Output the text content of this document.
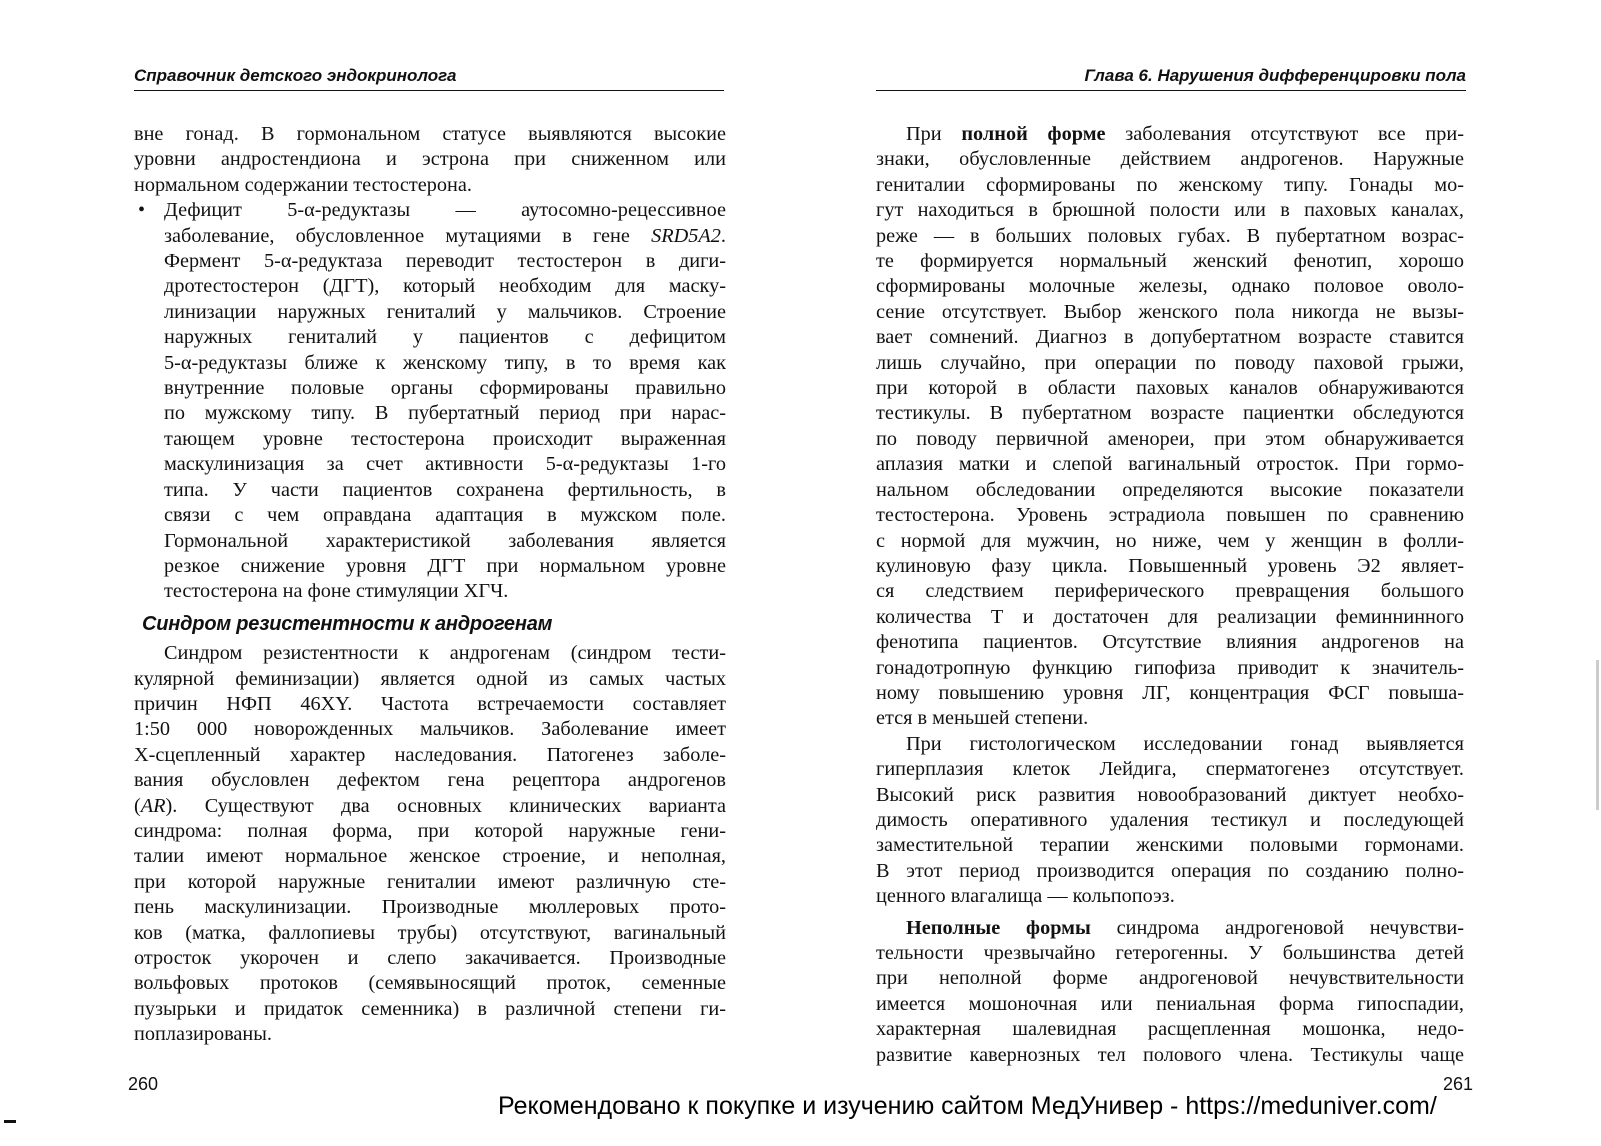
Справочник детского эндокринолога
вне гонад. В гормональном статусе выявляются высокие
уровни андростендиона и эстрона при сниженном или
нормальном содержании тестостерона.
• Дефицит 5-α-редуктазы — аутосомно-рецессивное
заболевание, обусловленное мутациями в гене SRD5A2.
Фермент 5-α-редуктаза переводит тестостерон в диги-
дротестостерон (ДГТ), который необходим для маску-
линизации наружных гениталий у мальчиков. Строение
наружных гениталий у пациентов с дефицитом
5-α-редуктазы ближе к женскому типу, в то время как
внутренние половые органы сформированы правильно
по мужскому типу. В пубертатный период при нарас-
тающем уровне тестостерона происходит выраженная
маскулинизация за счет активности 5-α-редуктазы 1-го
типа. У части пациентов сохранена фертильность, в
связи с чем оправдана адаптация в мужском поле.
Гормональной характеристикой заболевания является
резкое снижение уровня ДГТ при нормальном уровне
тестостерона на фоне стимуляции ХГЧ.
Синдром резистентности к андрогенам
Синдром резистентности к андрогенам (синдром тести-
кулярной феминизации) является одной из самых частых
причин НФП 46XY. Частота встречаемости составляет
1:50 000 новорожденных мальчиков. Заболевание имеет
Х-сцепленный характер наследования. Патогенез заболе-
вания обусловлен дефектом гена рецептора андрогенов
(AR). Существуют два основных клинических варианта
синдрома: полная форма, при которой наружные гени-
талии имеют нормальное женское строение, и неполная,
при которой наружные гениталии имеют различную сте-
пень маскулинизации. Производные мюллеровых прото-
ков (матка, фаллопиевы трубы) отсутствуют, вагинальный
отросток укорочен и слепо закачивается. Производные
вольфовых протоков (семявыносящий проток, семенные
пузырьки и придаток семенника) в различной степени ги-
поплазированы.
260
Глава 6. Нарушения дифференцировки пола
При полной форме заболевания отсутствуют все при-
знаки, обусловленные действием андрогенов. Наружные
гениталии сформированы по женскому типу. Гонады мо-
гут находиться в брюшной полости или в паховых каналах,
реже — в больших половых губах. В пубертатном возрас-
те формируется нормальный женский фенотип, хорошо
сформированы молочные железы, однако половое оволо-
сение отсутствует. Выбор женского пола никогда не вызы-
вает сомнений. Диагноз в допубертатном возрасте ставится
лишь случайно, при операции по поводу паховой грыжи,
при которой в области паховых каналов обнаруживаются
тестикулы. В пубертатном возрасте пациентки обследуются
по поводу первичной аменореи, при этом обнаруживается
аплазия матки и слепой вагинальный отросток. При гормо-
нальном обследовании определяются высокие показатели
тестостерона. Уровень эстрадиола повышен по сравнению
с нормой для мужчин, но ниже, чем у женщин в фолли-
кулиновую фазу цикла. Повышенный уровень Э2 являет-
ся следствием периферического превращения большого
количества Т и достаточен для реализации феминнинного
фенотипа пациентов. Отсутствие влияния андрогенов на
гонадотропную функцию гипофиза приводит к значитель-
ному повышению уровня ЛГ, концентрация ФСГ повыша-
ется в меньшей степени.
При гистологическом исследовании гонад выявляется
гиперплазия клеток Лейдига, сперматогенез отсутствует.
Высокий риск развития новообразований диктует необхо-
димость оперативного удаления тестикул и последующей
заместительной терапии женскими половыми гормонами.
В этот период производится операция по созданию полно-
ценного влагалища — кольпопоэз.
Неполные формы синдрома андрогеновой нечувстви-
тельности чрезвычайно гетерогенны. У большинства детей
при неполной форме андрогеновой нечувствительности
имеется мошоночная или пениальная форма гипоспадии,
характерная шалевидная расщепленная мошонка, недо-
развитие кавернозных тел полового члена. Тестикулы чаще
261
Рекомендовано к покупке и изучению сайтом МедУнивер - https://meduniver.com/
